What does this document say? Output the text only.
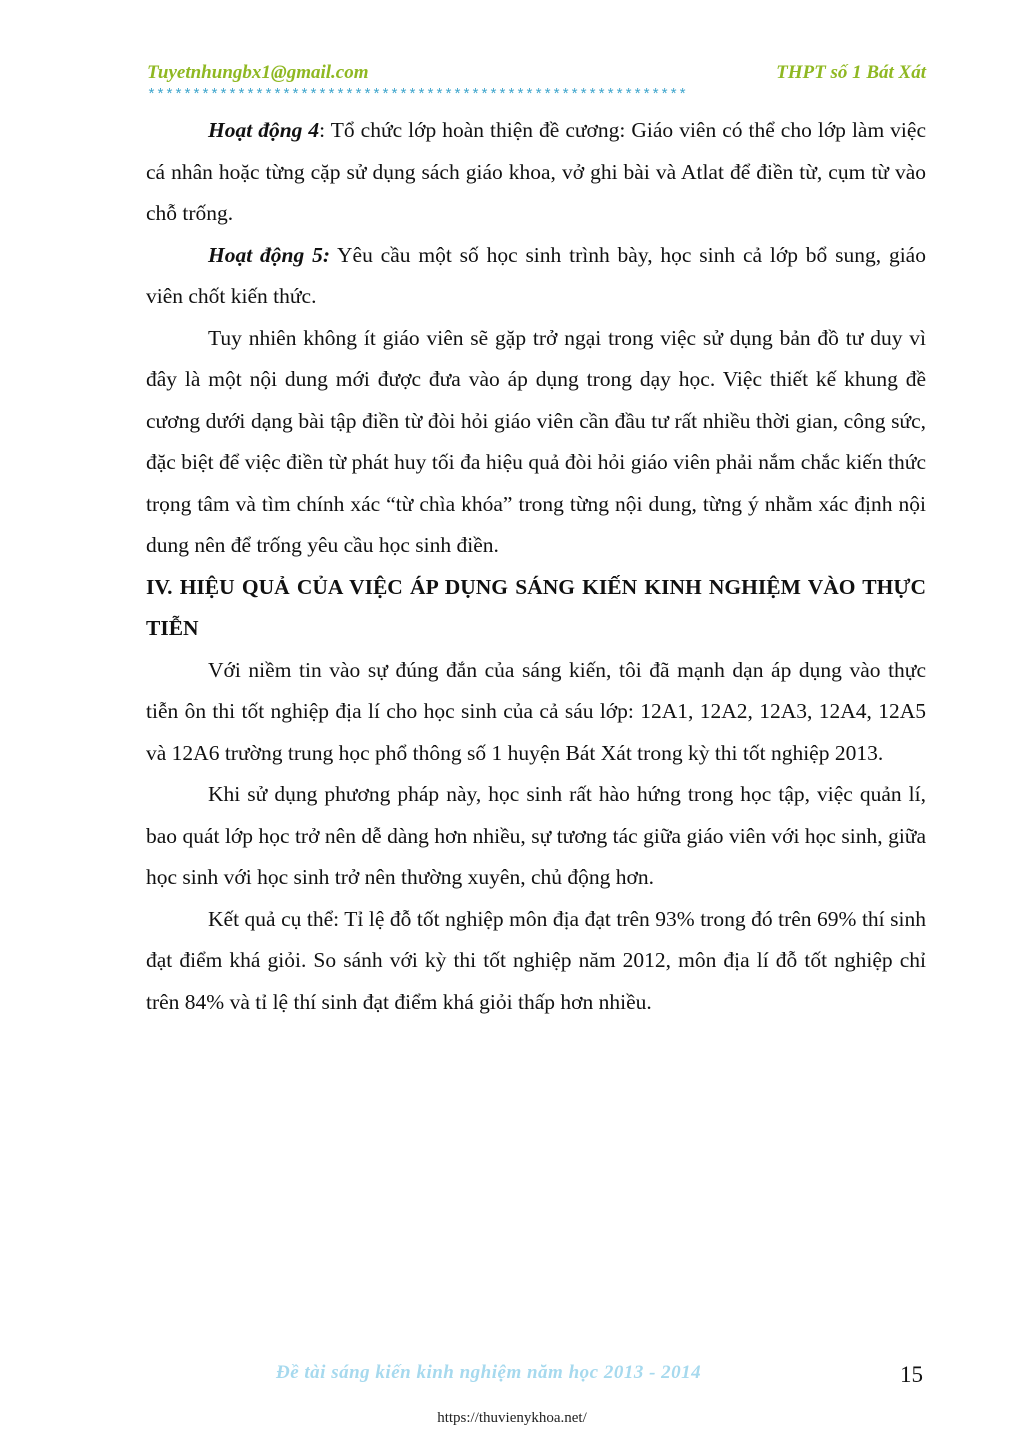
Tuyetnhungbx1@gmail.com	THPT số 1 Bát Xát
************************************************************

Hoạt động 4: Tổ chức lớp hoàn thiện đề cương: Giáo viên có thể cho lớp làm việc cá nhân hoặc từng cặp sử dụng sách giáo khoa, vở ghi bài và Atlat để điền từ, cụm từ vào chỗ trống.

Hoạt động 5: Yêu cầu một số học sinh trình bày, học sinh cả lớp bổ sung, giáo viên chốt kiến thức.

Tuy nhiên không ít giáo viên sẽ gặp trở ngại trong việc sử dụng bản đồ tư duy vì đây là một nội dung mới được đưa vào áp dụng trong dạy học. Việc thiết kế khung đề cương dưới dạng bài tập điền từ đòi hỏi giáo viên cần đầu tư rất nhiều thời gian, công sức, đặc biệt để việc điền từ phát huy tối đa hiệu quả đòi hỏi giáo viên phải nắm chắc kiến thức trọng tâm và tìm chính xác “từ chìa khóa” trong từng nội dung, từng ý nhằm xác định nội dung nên để trống yêu cầu học sinh điền.

IV. HIỆU QUẢ CỦA VIỆC ÁP DỤNG SÁNG KIẾN KINH NGHIỆM VÀO THỰC TIỄN

Với niềm tin vào sự đúng đắn của sáng kiến, tôi đã mạnh dạn áp dụng vào thực tiễn ôn thi tốt nghiệp địa lí cho học sinh của cả sáu lớp: 12A1, 12A2, 12A3, 12A4, 12A5 và 12A6 trường trung học phổ thông số 1 huyện Bát Xát trong kỳ thi tốt nghiệp 2013.

Khi sử dụng phương pháp này, học sinh rất hào hứng trong học tập, việc quản lí, bao quát lớp học trở nên dễ dàng hơn nhiều, sự tương tác giữa giáo viên với học sinh, giữa học sinh với học sinh trở nên thường xuyên, chủ động hơn.

Kết quả cụ thể: Tỉ lệ đỗ tốt nghiệp môn địa đạt trên 93% trong đó trên 69% thí sinh đạt điểm khá giỏi. So sánh với kỳ thi tốt nghiệp năm 2012, môn địa lí đỗ tốt nghiệp chỉ trên 84% và tỉ lệ thí sinh đạt điểm khá giỏi thấp hơn nhiều.

Đề tài sáng kiến kinh nghiệm năm học 2013 - 2014	15
https://thuvienykhoa.net/
